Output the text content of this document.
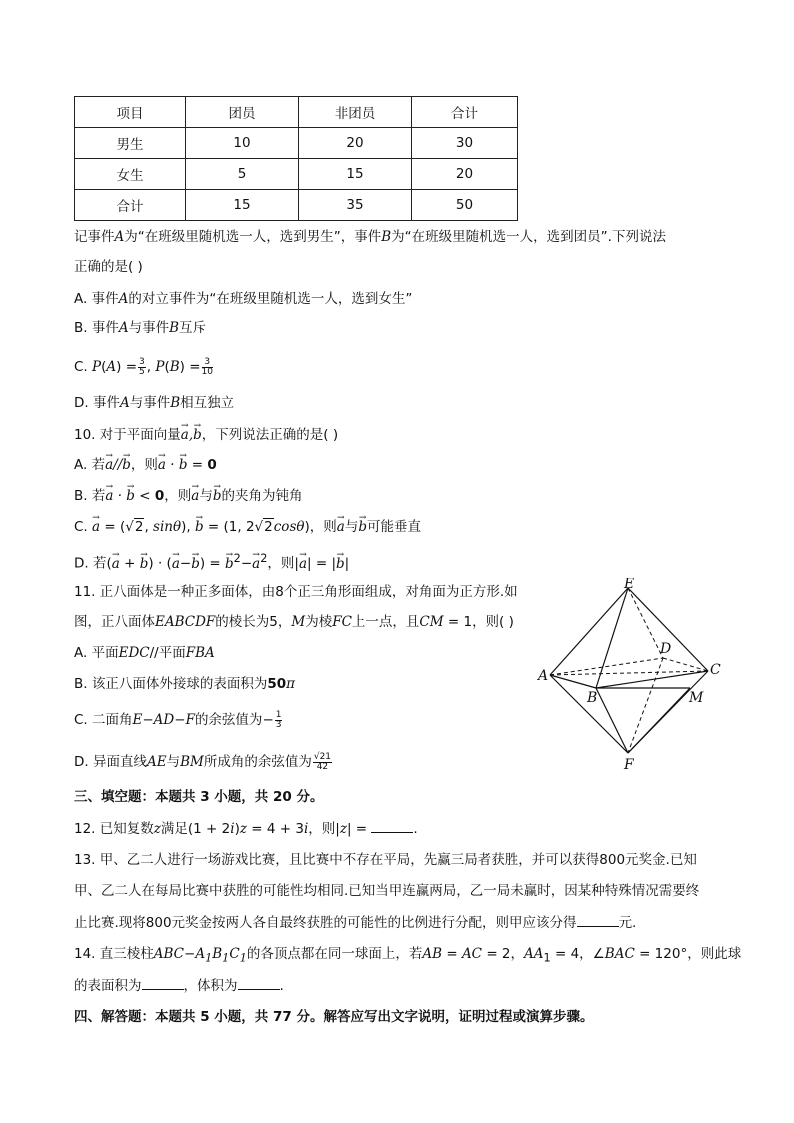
项目	团员	非团员	合计
男生	10	20	30
女生	5	15	20
合计	15	35	50
记事件A为“在班级里随机选一人，选到男生”，事件B为“在班级里随机选一人，选到团员”.下列说法
正确的是( )
A. 事件A的对立事件为“在班级里随机选一人，选到女生”
B. 事件A与事件B互斥
C. $P(A) = \frac{3}{5}$ , $P(B) = \frac{3}{10}$
D. 事件A与事件B相互独立
10. 对于平面向量→ a,→ b，下列说法正确的是( )
A. 若→ a//→ b，则→ a · → b = 0
B. 若→ a · → b < 0，则→ a与→ b的夹角为钝角
C. → a = (√2, sinθ), → b = (1, 2√2cosθ)，则→ a与→ b可能垂直
D. 若(→ a + → b) · (→ a−→ b) = → $b^2-\to a^2$，则|→ a| = |→ b|
11. 正八面体是一种正多面体，由8个正三角形面组成，对角面为正方形.如
图，正八面体EABCDF的棱长为5，M为棱FC上一点，且CM = 1，则( )
A. 平面EDC//平面FBA
B. 该正八面体外接球的表面积为50π
C. 二面角E−AD−F的余弦值为− $\frac{1}{3}$
D. 异面直线AE与BM所成角的余弦值为 $\frac{√21}{42}$
E
D
A	C
B	M
F
三、填空题：本题共 3 小题，共 20 分。
12. 已知复数z满足(1 + 2i)z = 4 + 3i，则|z| =	.
13. 甲、乙二人进行一场游戏比赛，且比赛中不存在平局，先赢三局者获胜，并可以获得800元奖金.已知
甲、乙二人在每局比赛中获胜的可能性均相同.已知当甲连赢两局，乙一局未赢时，因某种特殊情况需要终
止比赛.现将800元奖金按两人各自最终获胜的可能性的比例进行分配，则甲应该分得	元.
14. 直三棱柱$ABC-A_1B_1C_1$的各顶点都在同一球面上，若AB = AC = 2，$AA_1 = 4$，∠BAC = 120°，则此球
的表面积为	，体积为	.
四、解答题：本题共 5 小题，共 77 分。解答应写出文字说明，证明过程或演算步骤。
